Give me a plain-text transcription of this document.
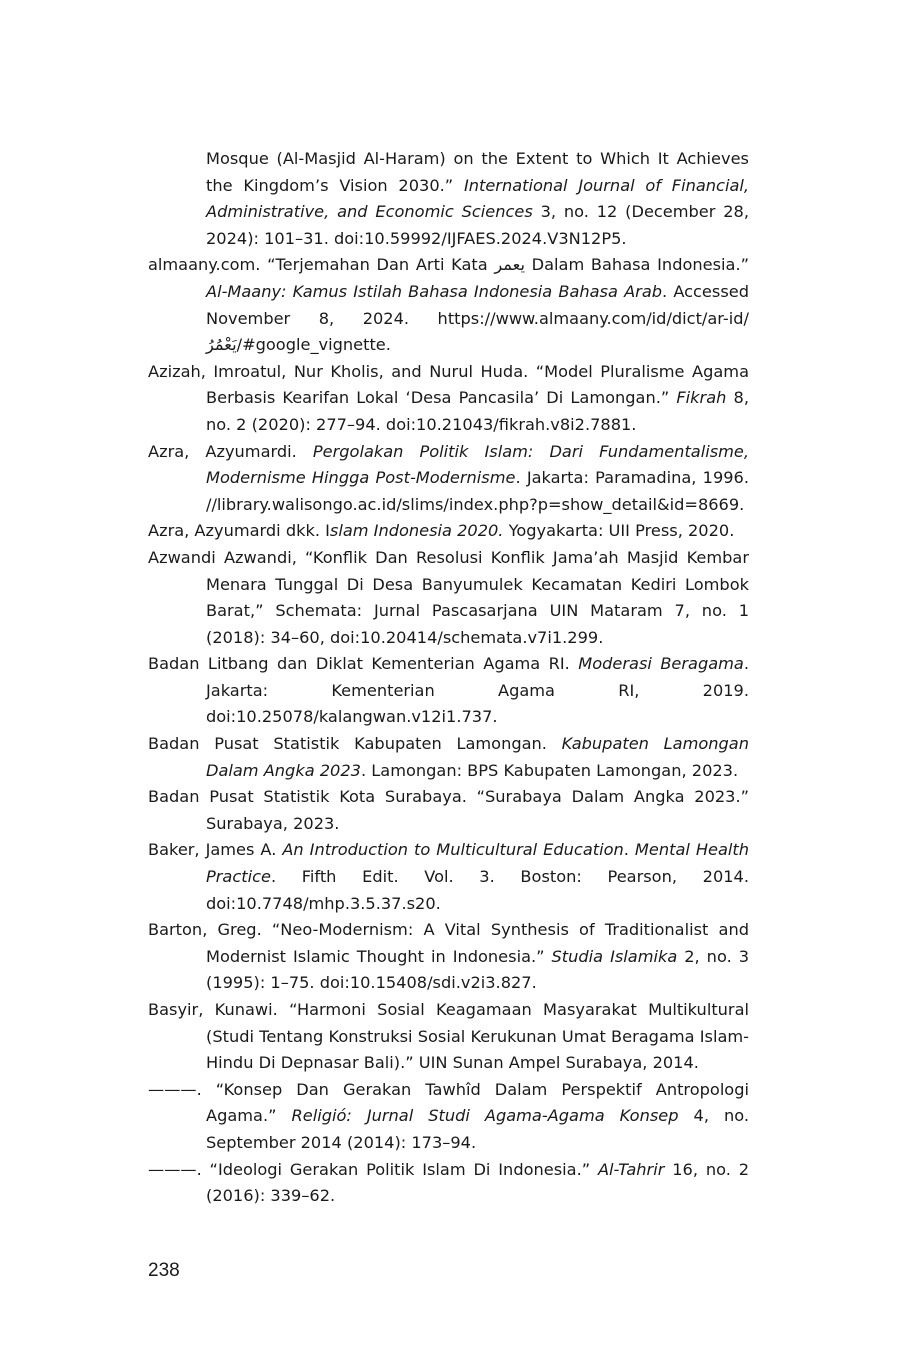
Mosque (Al-Masjid Al-Haram) on the Extent to Which It Achieves the Kingdom’s Vision 2030.” International Journal of Financial, Administrative, and Economic Sciences 3, no. 12 (December 28, 2024): 101–31. doi:10.59992/IJFAES.2024.V3N12P5.

almaany.com. “Terjemahan Dan Arti Kata يعمر Dalam Bahasa Indonesia.” Al-Maany: Kamus Istilah Bahasa Indonesia Bahasa Arab. Accessed November 8, 2024. https://www.almaany.com/id/dict/ar-id/يَعْمُرُ/#google_vignette.

Azizah, Imroatul, Nur Kholis, and Nurul Huda. “Model Pluralisme Agama Berbasis Kearifan Lokal ‘Desa Pancasila’ Di Lamongan.” Fikrah 8, no. 2 (2020): 277–94. doi:10.21043/fikrah.v8i2.7881.

Azra, Azyumardi. Pergolakan Politik Islam: Dari Fundamentalisme, Modernisme Hingga Post-Modernisme. Jakarta: Paramadina, 1996. //library.walisongo.ac.id/slims/index.php?p=show_detail&id=8669.

Azra, Azyumardi dkk. Islam Indonesia 2020. Yogyakarta: UII Press, 2020.

Azwandi Azwandi, “Konflik Dan Resolusi Konflik Jama’ah Masjid Kembar Menara Tunggal Di Desa Banyumulek Kecamatan Kediri Lombok Barat,” Schemata: Jurnal Pascasarjana UIN Mataram 7, no. 1 (2018): 34–60, doi:10.20414/schemata.v7i1.299.

Badan Litbang dan Diklat Kementerian Agama RI. Moderasi Beragama. Jakarta: Kementerian Agama RI, 2019. doi:10.25078/kalangwan.v12i1.737.

Badan Pusat Statistik Kabupaten Lamongan. Kabupaten Lamongan Dalam Angka 2023. Lamongan: BPS Kabupaten Lamongan, 2023.

Badan Pusat Statistik Kota Surabaya. “Surabaya Dalam Angka 2023.” Surabaya, 2023.

Baker, James A. An Introduction to Multicultural Education. Mental Health Practice. Fifth Edit. Vol. 3. Boston: Pearson, 2014. doi:10.7748/mhp.3.5.37.s20.

Barton, Greg. “Neo-Modernism: A Vital Synthesis of Traditionalist and Modernist Islamic Thought in Indonesia.” Studia Islamika 2, no. 3 (1995): 1–75. doi:10.15408/sdi.v2i3.827.

Basyir, Kunawi. “Harmoni Sosial Keagamaan Masyarakat Multikultural (Studi Tentang Konstruksi Sosial Kerukunan Umat Beragama Islam-Hindu Di Depnasar Bali).” UIN Sunan Ampel Surabaya, 2014.

———. “Konsep Dan Gerakan Tawhîd Dalam Perspektif Antropologi Agama.” Religió: Jurnal Studi Agama-Agama Konsep 4, no. September 2014 (2014): 173–94.

———. “Ideologi Gerakan Politik Islam Di Indonesia.” Al-Tahrir 16, no. 2 (2016): 339–62.

238
